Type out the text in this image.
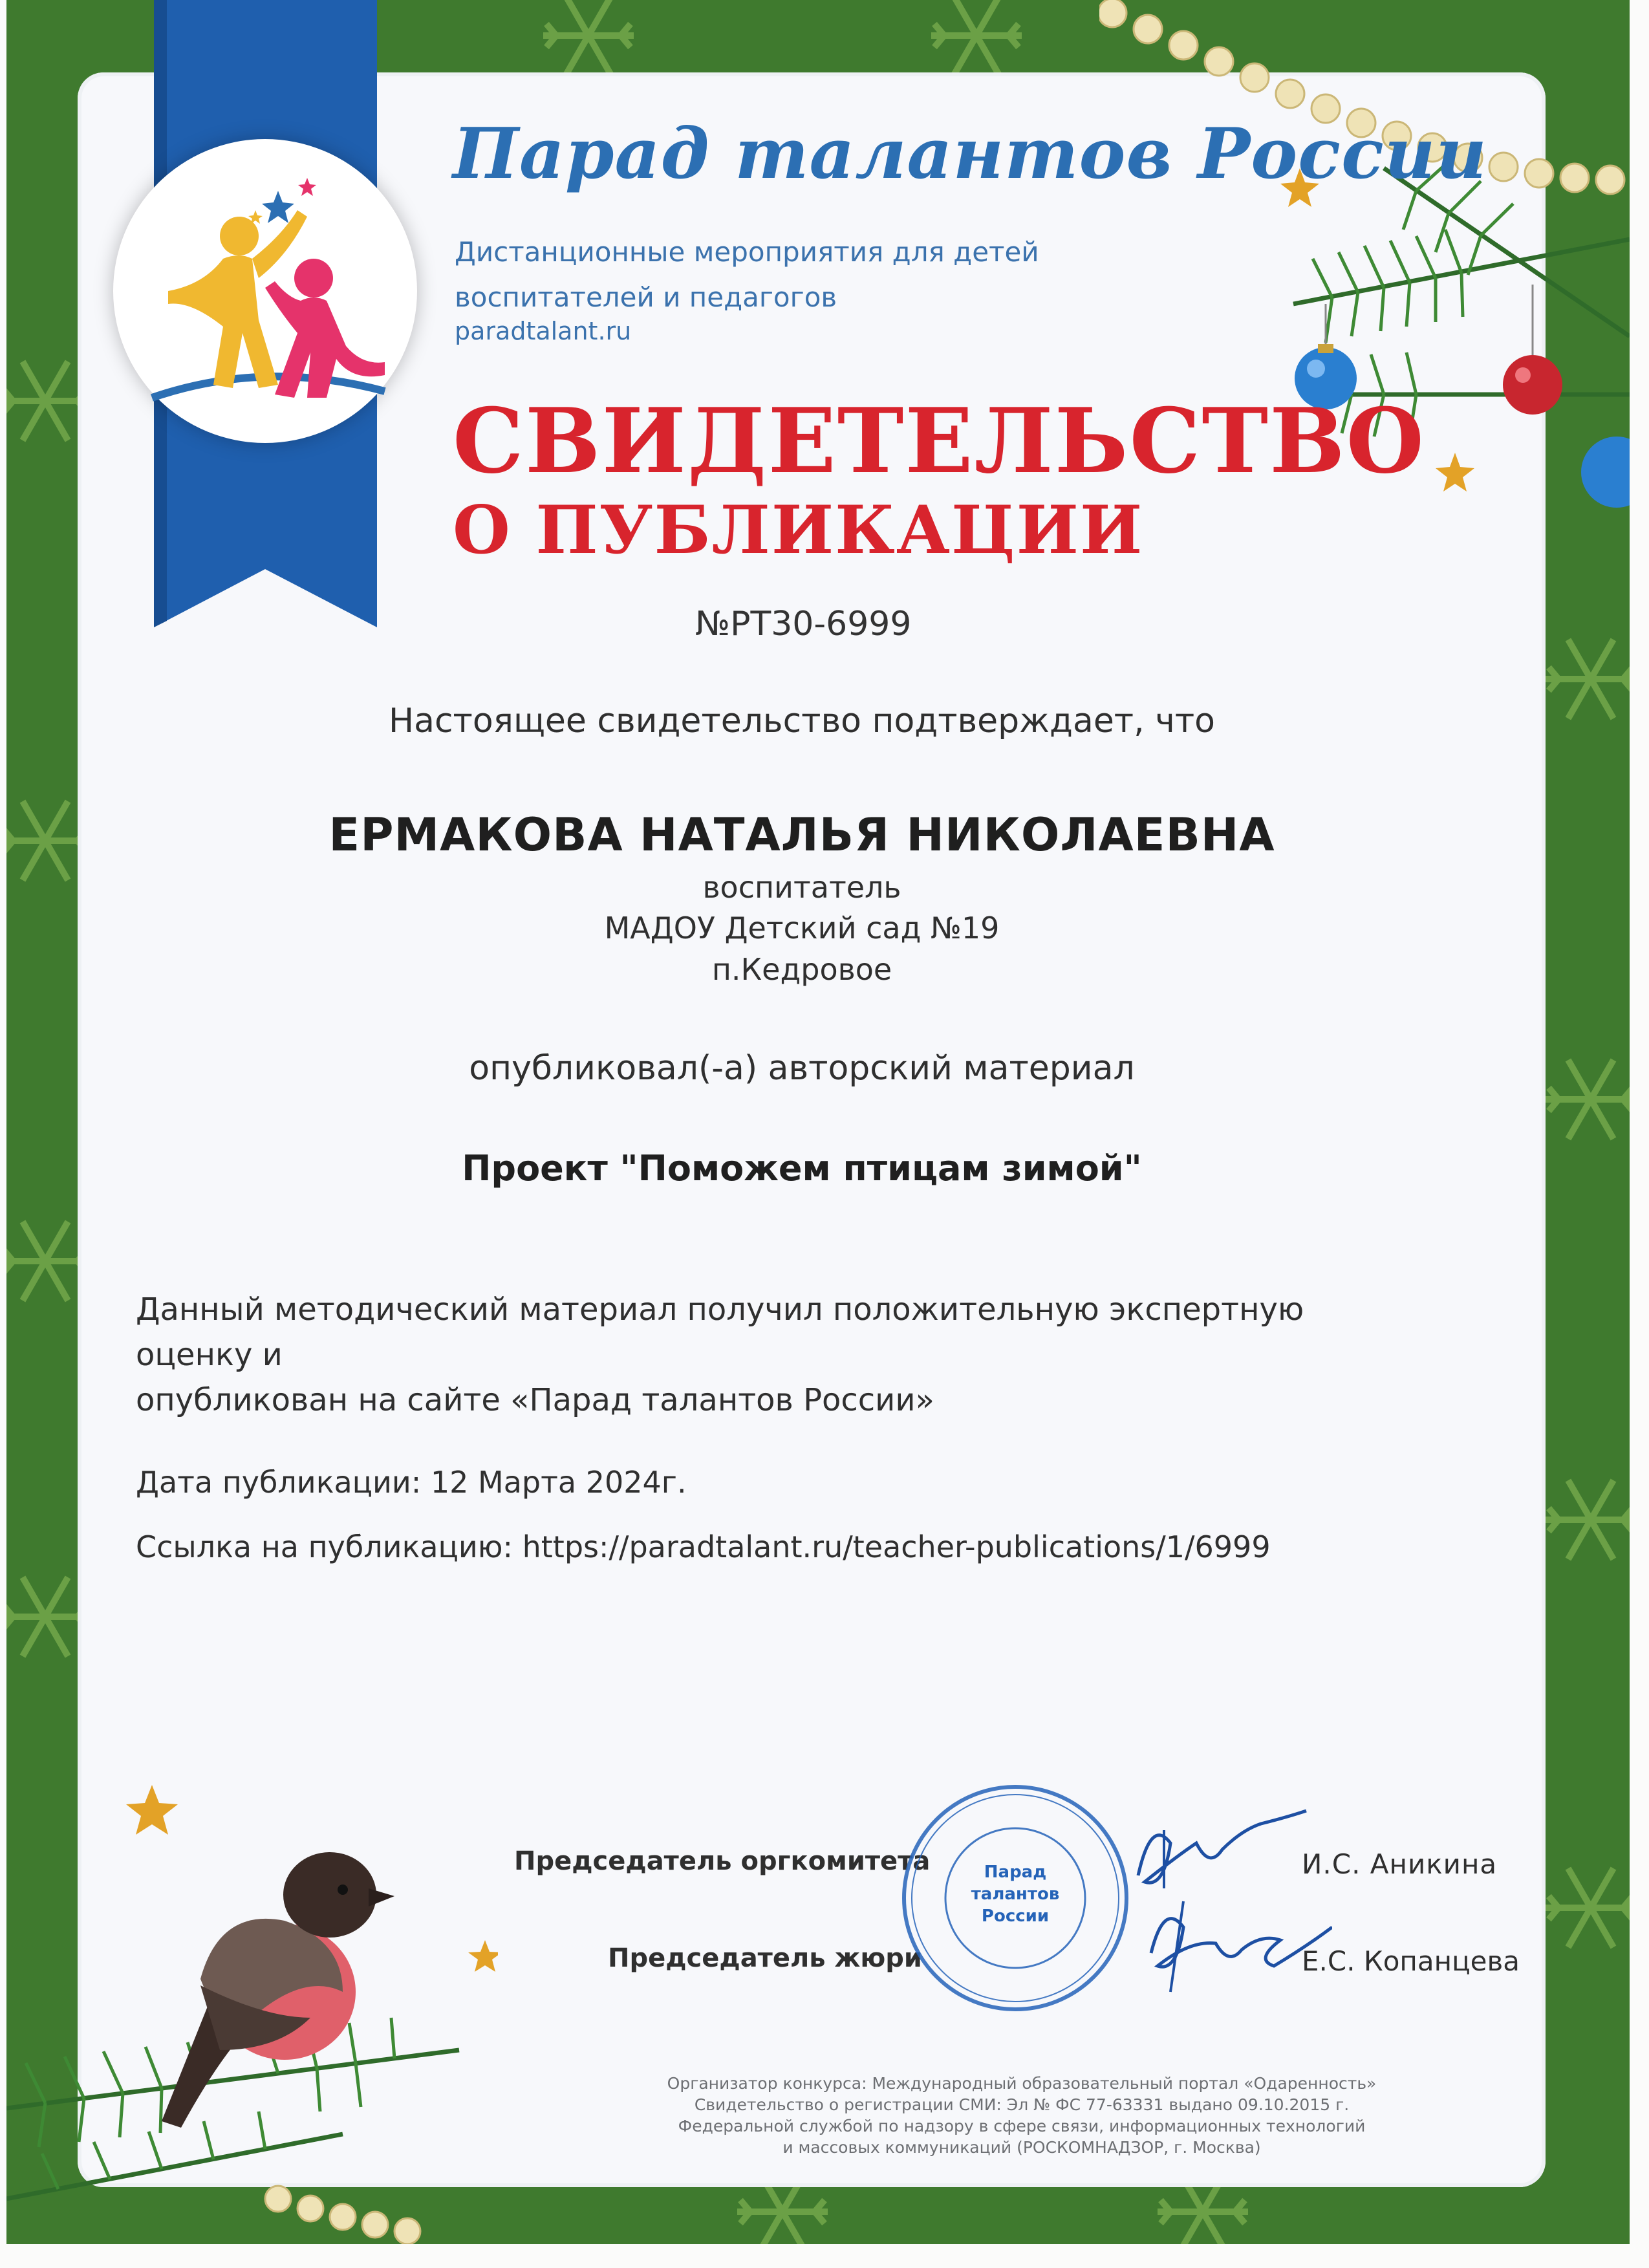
Парад талантов России
Дистанционные мероприятия для детей
воспитателей и педагогов
paradtalant.ru
СВИДЕТЕЛЬСТВО
О ПУБЛИКАЦИИ
№РТ30-6999
Настоящее свидетельство подтверждает, что
ЕРМАКОВА НАТАЛЬЯ НИКОЛАЕВНА
воспитатель
МАДОУ Детский сад №19
п.Кедровое
опубликовал(-а) авторский материал
Проект "Поможем птицам зимой"
Данный методический материал получил положительную экспертную оценку и
опубликован на сайте «Парад талантов России»
Дата публикации: 12 Марта 2024г.
Ссылка на публикацию: https://paradtalant.ru/teacher-publications/1/6999
Председатель оргкомитета
Председатель жюри
И.С. Аникина
Е.С. Копанцева
Парад
талантов
России
Организатор конкурса: Международный образовательный портал «Одаренность»
Свидетельство о регистрации СМИ: Эл № ФС 77-63331 выдано 09.10.2015 г.
Федеральной службой по надзору в сфере связи, информационных технологий
и массовых коммуникаций (РОСКОМНАДЗОР, г. Москва)
